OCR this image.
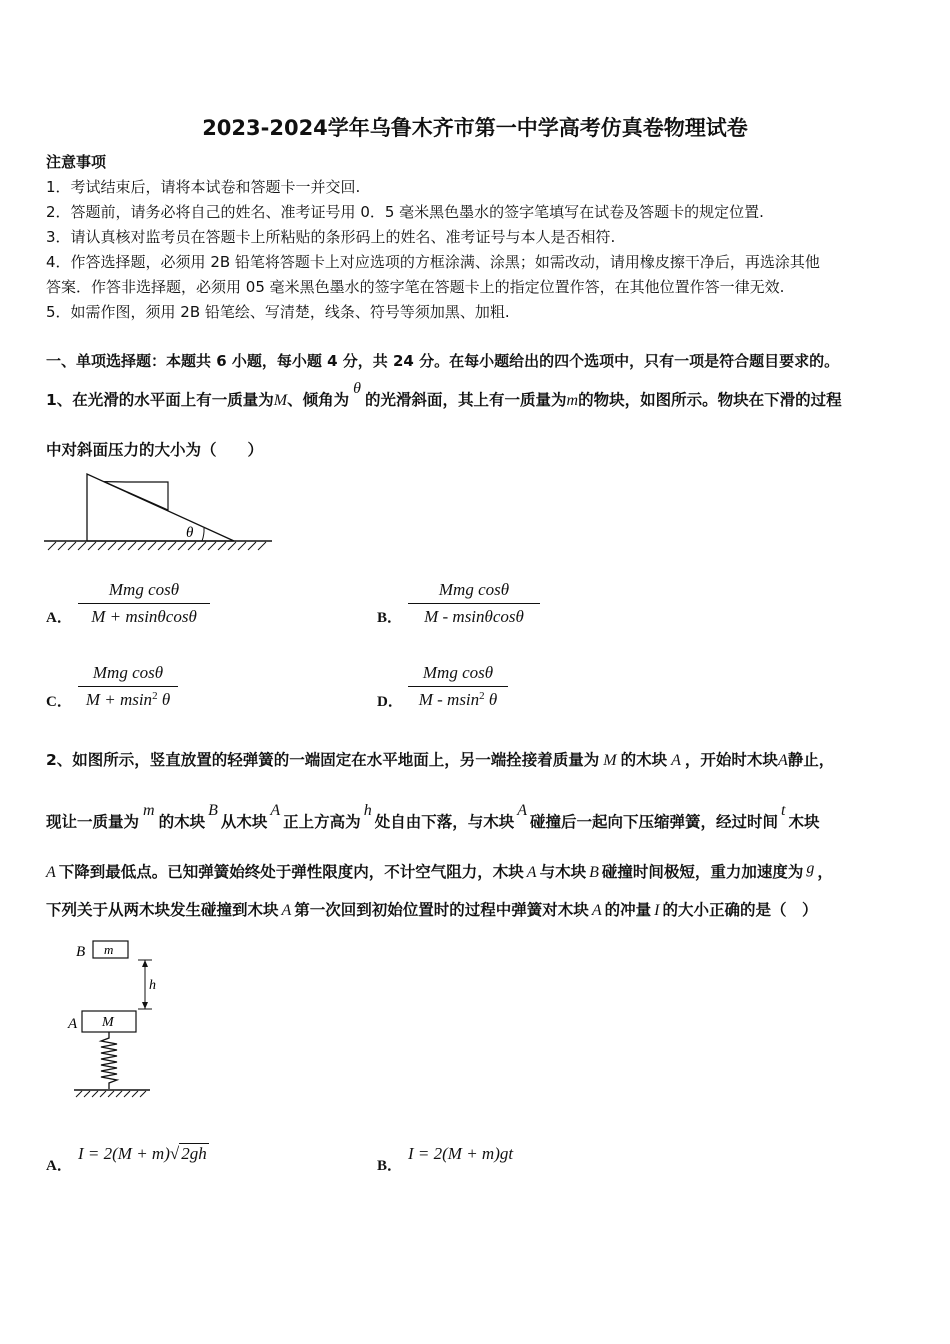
2023-2024学年乌鲁木齐市第一中学高考仿真卷物理试卷
注意事项
1．考试结束后，请将本试卷和答题卡一并交回.
2．答题前，请务必将自己的姓名、准考证号用 0．5 毫米黑色墨水的签字笔填写在试卷及答题卡的规定位置.
3．请认真核对监考员在答题卡上所粘贴的条形码上的姓名、准考证号与本人是否相符.
4．作答选择题，必须用 2B 铅笔将答题卡上对应选项的方框涂满、涂黑；如需改动，请用橡皮擦干净后，再选涂其他
答案．作答非选择题，必须用 05 毫米黑色墨水的签字笔在答题卡上的指定位置作答，在其他位置作答一律无效.
5．如需作图，须用 2B 铅笔绘、写清楚，线条、符号等须加黑、加粗.
一、单项选择题：本题共 6 小题，每小题 4 分，共 24 分。在每小题给出的四个选项中，只有一项是符合题目要求的。
1、在光滑的水平面上有一质量为M、倾角为θ的光滑斜面，其上有一质量为m的物块，如图所示。物块在下滑的过程
中对斜面压力的大小为（　　）
θ
A．
Mmg cosθ
M + msinθcosθ	B．
Mmg cosθ
M - msinθcosθ
C．
Mmg cosθ
M + msin$^2$ θ	D．
Mmg cosθ
M - msin$^2$ θ
2、如图所示，竖直放置的轻弹簧的一端固定在水平地面上，另一端拴接着质量为 M 的木块 A ，开始时木块A静止，
现让一质量为m的木块B从木块A正上方高为h处自由下落，与木块A碰撞后一起向下压缩弹簧，经过时间t木块
A 下降到最低点。已知弹簧始终处于弹性限度内，不计空气阻力，木块 A 与木块 B 碰撞时间极短，重力加速度为 g ，
下列关于从两木块发生碰撞到木块 A 第一次回到初始位置时的过程中弹簧对木块 A 的冲量 I 的大小正确的是（　）
B m
h
A M
A．
I = 2(M + m)√ 2gh
B．
I = 2(M + m)gt
